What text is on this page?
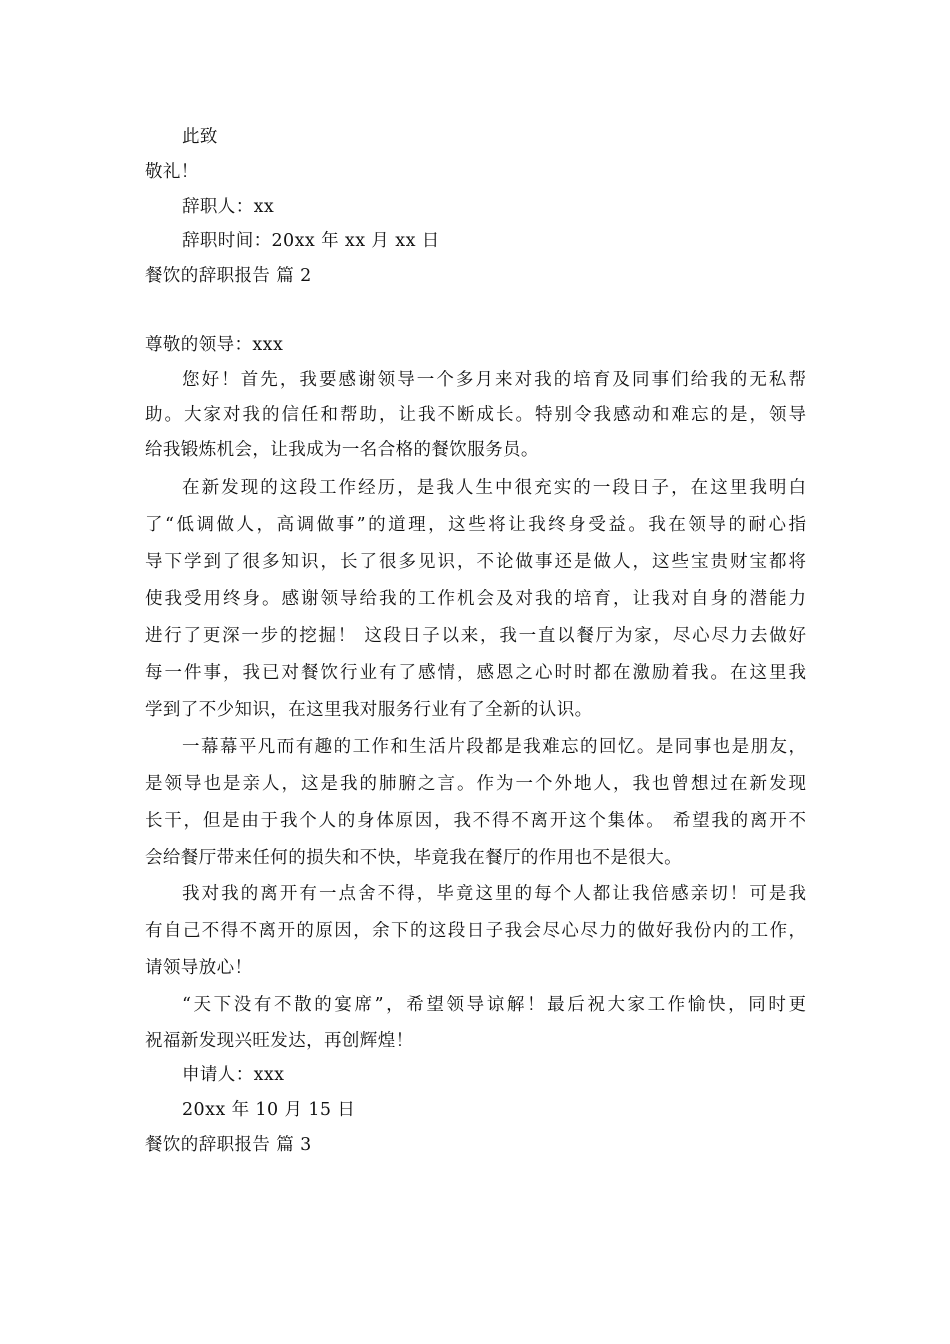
此致
敬礼！
辞职人：xx
辞职时间：20xx 年 xx 月 xx 日
餐饮的辞职报告 篇 2
尊敬的领导：xxx
您好！首先，我要感谢领导一个多月来对我的培育及同事们给我的无私帮
助。大家对我的信任和帮助，让我不断成长。特别令我感动和难忘的是，领导
给我锻炼机会，让我成为一名合格的餐饮服务员。
在新发现的这段工作经历，是我人生中很充实的一段日子，在这里我明白
了“低调做人，高调做事”的道理，这些将让我终身受益。我在领导的耐心指
导下学到了很多知识，长了很多见识，不论做事还是做人，这些宝贵财宝都将
使我受用终身。感谢领导给我的工作机会及对我的培育，让我对自身的潜能力
进行了更深一步的挖掘！ 这段日子以来，我一直以餐厅为家，尽心尽力去做好
每一件事，我已对餐饮行业有了感情，感恩之心时时都在激励着我。在这里我
学到了不少知识，在这里我对服务行业有了全新的认识。
一幕幕平凡而有趣的工作和生活片段都是我难忘的回忆。是同事也是朋友，
是领导也是亲人，这是我的肺腑之言。作为一个外地人，我也曾想过在新发现
长干，但是由于我个人的身体原因，我不得不离开这个集体。 希望我的离开不
会给餐厅带来任何的损失和不快，毕竟我在餐厅的作用也不是很大。
我对我的离开有一点舍不得，毕竟这里的每个人都让我倍感亲切！可是我
有自己不得不离开的原因，余下的这段日子我会尽心尽力的做好我份内的工作，
请领导放心！
“天下没有不散的宴席”，希望领导谅解！最后祝大家工作愉快，同时更
祝福新发现兴旺发达，再创辉煌！
申请人：xxx
20xx 年 10 月 15 日
餐饮的辞职报告 篇 3
